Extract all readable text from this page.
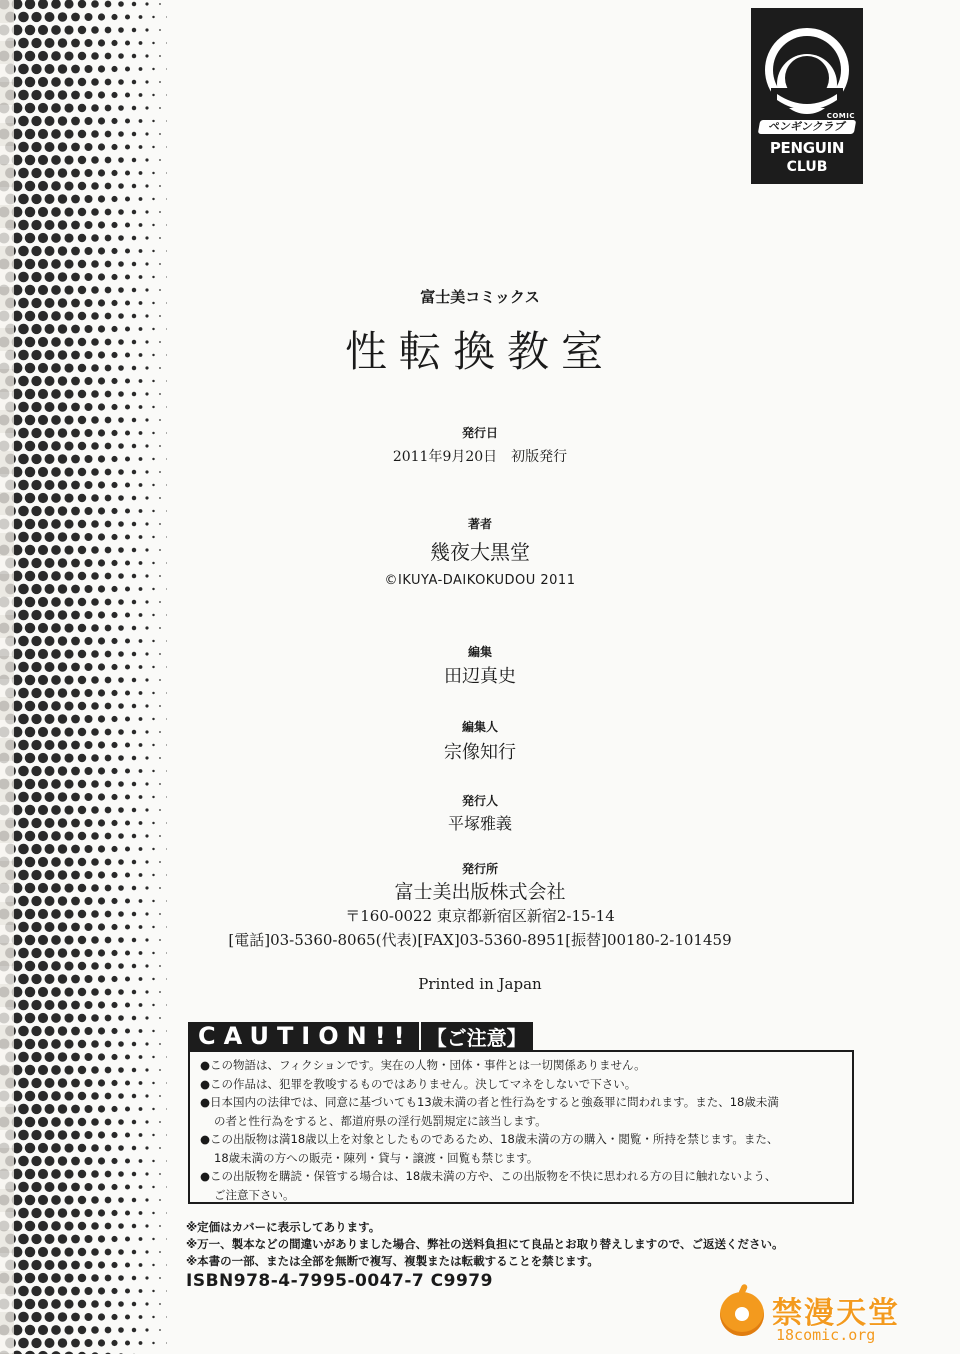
COMIC
ペンギンクラブ
PENGUIN
CLUB
富士美コミックス
性転換教室
発行日
2011年9月20日　初版発行
著者
幾夜大黒堂
©IKUYA-DAIKOKUDOU 2011
編集
田辺真史
編集人
宗像知行
発行人
平塚雅義
発行所
富士美出版株式会社
〒160-0022 東京都新宿区新宿2-15-14
[電話]03-5360-8065(代表)[FAX]03-5360-8951[振替]00180-2-101459
Printed in Japan
CAUTION!! 【ご注意】
●この物語は、フィクションです。実在の人物・団体・事件とは一切関係ありません。
●この作品は、犯罪を教唆するものではありません。決してマネをしないで下さい。
●日本国内の法律では、同意に基づいても13歳未満の者と性行為をすると強姦罪に問われます。また、18歳未満
の者と性行為をすると、都道府県の淫行処罰規定に該当します。
●この出版物は満18歳以上を対象としたものであるため、18歳未満の方の購入・閲覧・所持を禁じます。また、
18歳未満の方への販売・陳列・貸与・譲渡・回覧も禁じます。
●この出版物を購読・保管する場合は、18歳未満の方や、この出版物を不快に思われる方の目に触れないよう、
ご注意下さい。
※定価はカバーに表示してあります。
※万一、製本などの間違いがありました場合、弊社の送料負担にて良品とお取り替えしますので、ご返送ください。
※本書の一部、または全部を無断で複写、複製または転載することを禁じます。
ISBN978-4-7995-0047-7 C9979
禁漫天堂
18comic.org
